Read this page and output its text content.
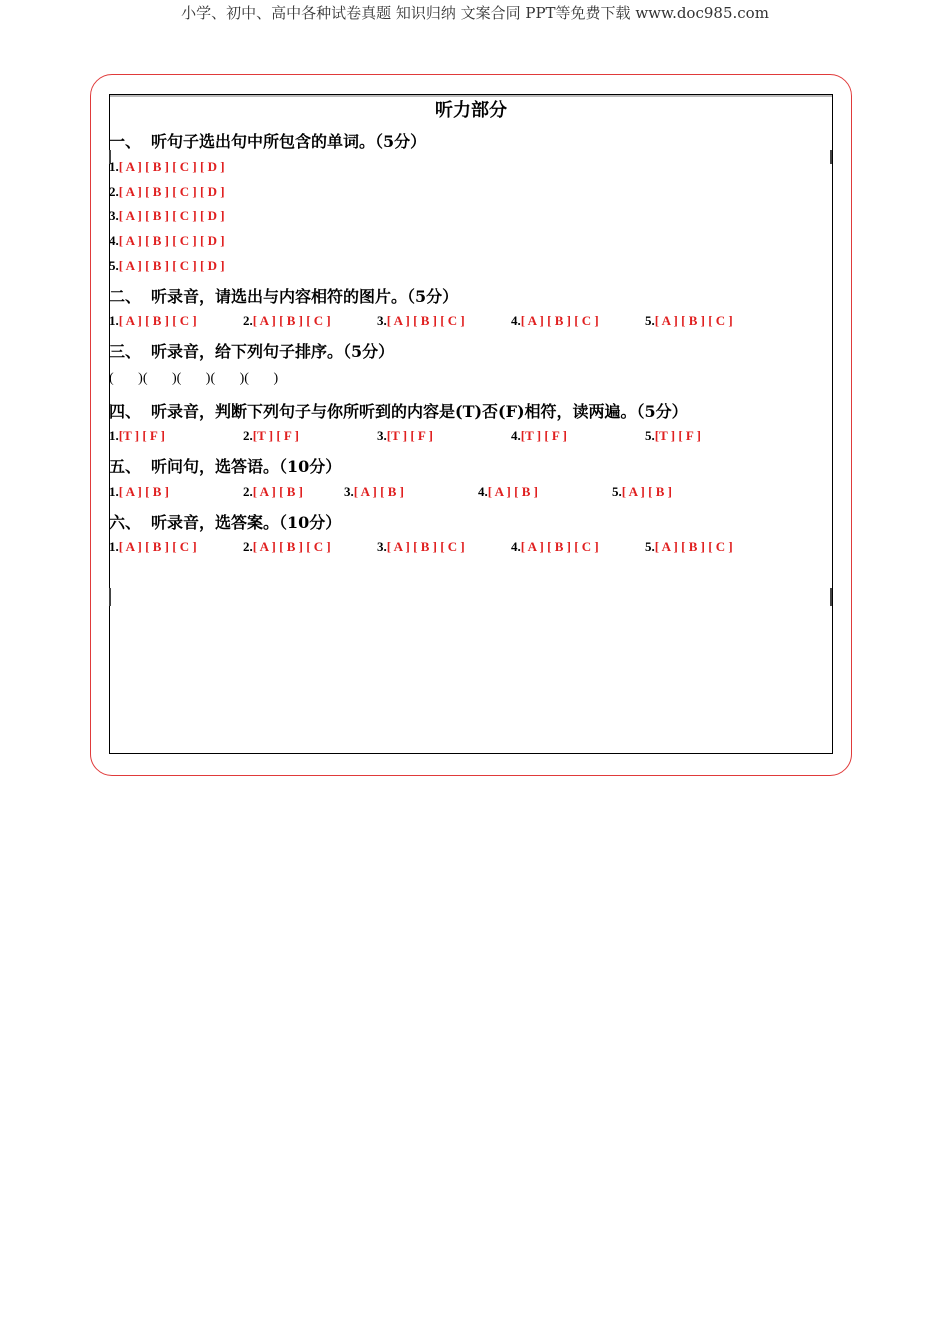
小学、初中、高中各种试卷真题 知识归纳 文案合同 PPT等免费下载 www.doc985.com
听力部分
一、 听句子选出句中所包含的单词。（5分）
1.[ A ] [ B ] [ C ] [ D ]
2.[ A ] [ B ] [ C ] [ D ]
3.[ A ] [ B ] [ C ] [ D ]
4.[ A ] [ B ] [ C ] [ D ]
5.[ A ] [ B ] [ C ] [ D ]
二、 听录音，请选出与内容相符的图片。（5分）
1.[ A ] [ B ] [ C ]	2.[ A ] [ B ] [ C ]	3.[ A ] [ B ] [ C ]	4.[ A ] [ B ] [ C ]	5.[ A ] [ B ] [ C ]
三、 听录音，给下列句子排序。（5分）
(       )(       )(       )(       )(       )
四、 听录音，判断下列句子与你所听到的内容是(T)否(F)相符，读两遍。（5分）
1.[T ] [ F ]	2.[T ] [ F ]	3.[T ] [ F ]	4.[T ] [ F ]	5.[T ] [ F ]
五、 听问句，选答语。（10分）
1.[ A ] [ B ]	2.[ A ] [ B ]	3.[ A ] [ B ]	4.[ A ] [ B ]	5.[ A ] [ B ]
六、 听录音，选答案。（10分）
1.[ A ] [ B ] [ C ]	2.[ A ] [ B ] [ C ]	3.[ A ] [ B ] [ C ]	4.[ A ] [ B ] [ C ]	5.[ A ] [ B ] [ C ]
